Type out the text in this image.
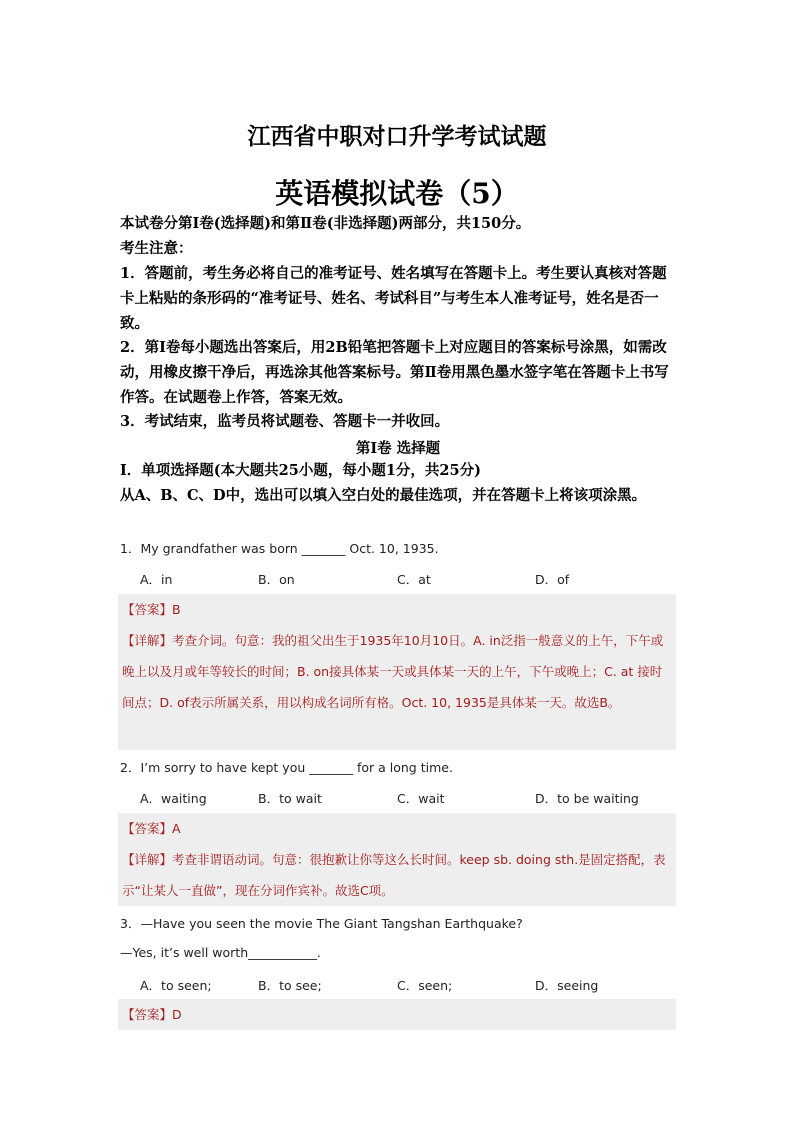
江西省中职对口升学考试试题
英语模拟试卷（5）
本试卷分第Ⅰ卷(选择题)和第Ⅱ卷(非选择题)两部分，共150分。
考生注意：
1．答题前，考生务必将自己的准考证号、姓名填写在答题卡上。考生要认真核对答题卡上粘贴的条形码的“准考证号、姓名、考试科目”与考生本人准考证号，姓名是否一致。
2．第Ⅰ卷每小题选出答案后，用2B铅笔把答题卡上对应题目的答案标号涂黑，如需改动，用橡皮擦干净后，再选涂其他答案标号。第Ⅱ卷用黑色墨水签字笔在答题卡上书写作答。在试题卷上作答，答案无效。
3．考试结束，监考员将试题卷、答题卡一并收回。
第Ⅰ卷 选择题
Ⅰ．单项选择题(本大题共25小题，每小题1分，共25分)
从A、B、C、D中，选出可以填入空白处的最佳选项，并在答题卡上将该项涂黑。
1．My grandfather was born _______ Oct. 10, 1935.
A．in	B．on	C．at	D．of
【答案】B
【详解】考查介词。句意：我的祖父出生于1935年10月10日。A. in泛指一般意义的上午，下午或晚上以及月或年等较长的时间；B. on接具体某一天或具体某一天的上午，下午或晚上；C. at 接时间点；D. of表示所属关系，用以构成名词所有格。Oct. 10, 1935是具体某一天。故选B。
2．I’m sorry to have kept you _______ for a long time.
A．waiting	B．to wait	C．wait	D．to be waiting
【答案】A
【详解】考查非谓语动词。句意：很抱歉让你等这么长时间。keep sb. doing sth.是固定搭配，表示“让某人一直做”，现在分词作宾补。故选C项。
3．—Have you seen the movie The Giant Tangshan Earthquake?
—Yes, it’s well worth___________.
A．to seen;	B．to see;	C．seen;	D．seeing
【答案】D
